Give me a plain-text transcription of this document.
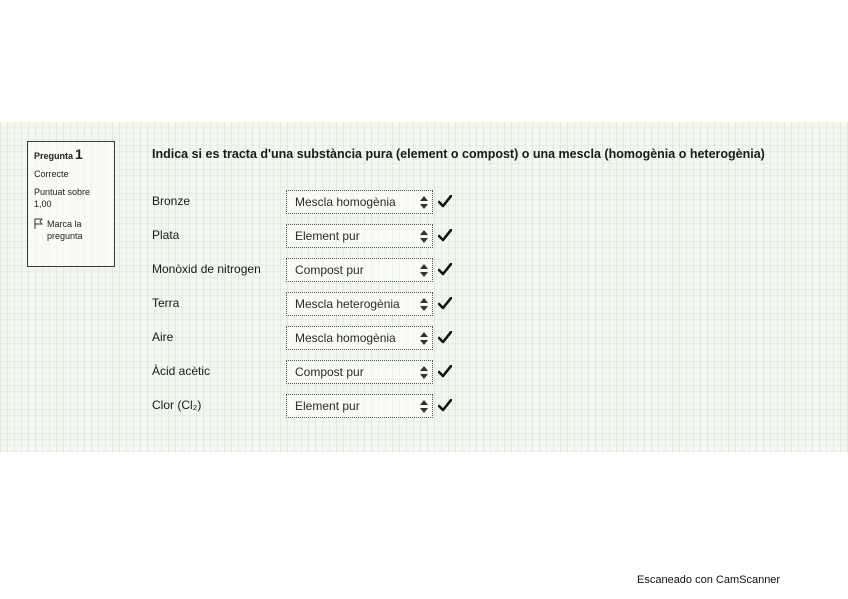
Pregunta 1
Correcte
Puntuat sobre
1,00
Marca la
pregunta
Indica si es tracta d'una substància pura (element o compost) o una mescla (homogènia o heterogènia)
Bronze	Mescla homogènia
Plata	Element pur
Monòxid de nitrogen	Compost pur
Terra	Mescla heterogènia
Aire	Mescla homogènia
Àcid acètic	Compost pur
Clor (Cl₂)	Element pur
Escaneado con CamScanner
